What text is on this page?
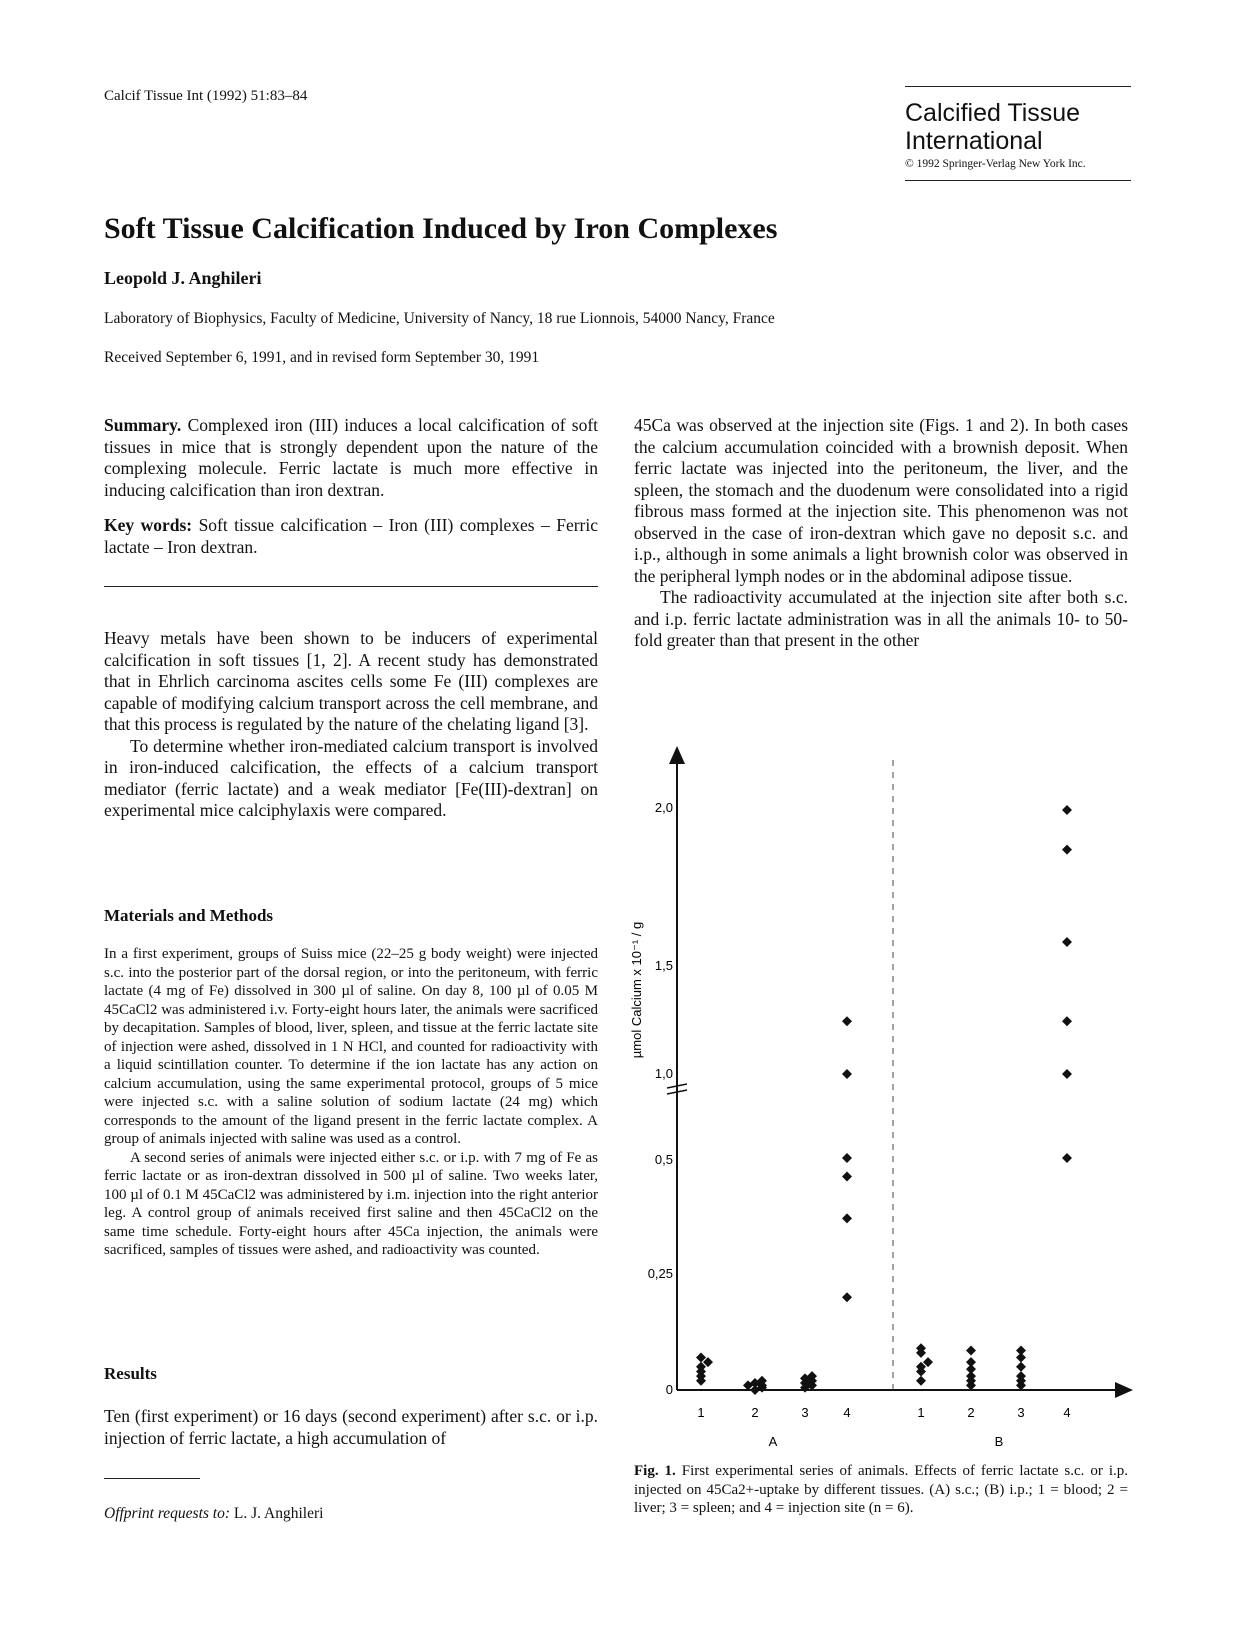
Calcif Tissue Int (1992) 51:83–84
Calcified Tissue
International
© 1992 Springer-Verlag New York Inc.
Soft Tissue Calcification Induced by Iron Complexes
Leopold J. Anghileri
Laboratory of Biophysics, Faculty of Medicine, University of Nancy, 18 rue Lionnois, 54000 Nancy, France
Received September 6, 1991, and in revised form September 30, 1991

Summary. Complexed iron (III) induces a local calcification of soft tissues in mice that is strongly dependent upon the nature of the complexing molecule. Ferric lactate is much more effective in inducing calcification than iron dextran.

Key words: Soft tissue calcification – Iron (III) complexes – Ferric lactate – Iron dextran.

Heavy metals have been shown to be inducers of experimental calcification in soft tissues [1, 2]. A recent study has demonstrated that in Ehrlich carcinoma ascites cells some Fe (III) complexes are capable of modifying calcium transport across the cell membrane, and that this process is regulated by the nature of the chelating ligand [3].

To determine whether iron-mediated calcium transport is involved in iron-induced calcification, the effects of a calcium transport mediator (ferric lactate) and a weak mediator [Fe(III)-dextran] on experimental mice calciphylaxis were compared.

Materials and Methods

In a first experiment, groups of Suiss mice (22–25 g body weight) were injected s.c. into the posterior part of the dorsal region, or into the peritoneum, with ferric lactate (4 mg of Fe) dissolved in 300 µl of saline. On day 8, 100 µl of 0.05 M 45CaCl2 was administered i.v. Forty-eight hours later, the animals were sacrificed by decapitation. Samples of blood, liver, spleen, and tissue at the ferric lactate site of injection were ashed, dissolved in 1 N HCl, and counted for radioactivity with a liquid scintillation counter. To determine if the ion lactate has any action on calcium accumulation, using the same experimental protocol, groups of 5 mice were injected s.c. with a saline solution of sodium lactate (24 mg) which corresponds to the amount of the ligand present in the ferric lactate complex. A group of animals injected with saline was used as a control.

A second series of animals were injected either s.c. or i.p. with 7 mg of Fe as ferric lactate or as iron-dextran dissolved in 500 µl of saline. Two weeks later, 100 µl of 0.1 M 45CaCl2 was administered by i.m. injection into the right anterior leg. A control group of animals received first saline and then 45CaCl2 on the same time schedule. Forty-eight hours after 45Ca injection, the animals were sacrificed, samples of tissues were ashed, and radioactivity was counted.

Results

Ten (first experiment) or 16 days (second experiment) after s.c. or i.p. injection of ferric lactate, a high accumulation of

Offprint requests to: L. J. Anghileri

45Ca was observed at the injection site (Figs. 1 and 2). In both cases the calcium accumulation coincided with a brownish deposit. When ferric lactate was injected into the peritoneum, the liver, and the spleen, the stomach and the duodenum were consolidated into a rigid fibrous mass formed at the injection site. This phenomenon was not observed in the case of iron-dextran which gave no deposit s.c. and i.p., although in some animals a light brownish color was observed in the peripheral lymph nodes or in the abdominal adipose tissue.

The radioactivity accumulated at the injection site after both s.c. and i.p. ferric lactate administration was in all the animals 10- to 50-fold greater than that present in the other

0
0,25
0,5
1,0
1,5
2,0
µmol Calcium x 10⁻¹ / g
1	2	3	4	1	2	3	4
A	B
Fig. 1. First experimental series of animals. Effects of ferric lactate s.c. or i.p. injected on 45Ca2+-uptake by different tissues. (A) s.c.; (B) i.p.; 1 = blood; 2 = liver; 3 = spleen; and 4 = injection site (n = 6).
